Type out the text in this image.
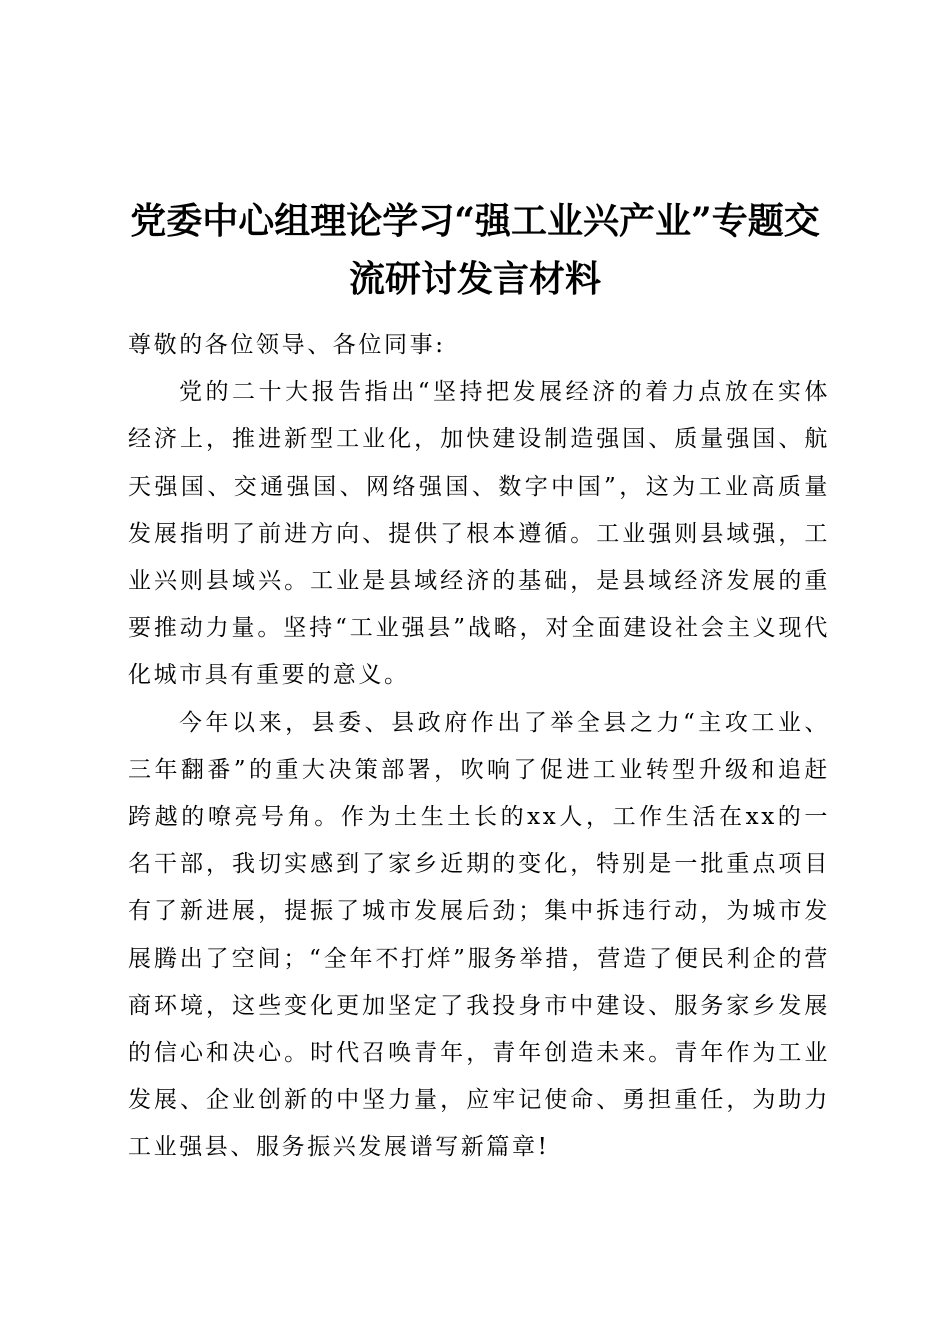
党委中心组理论学习“强工业兴产业”专题交流研讨发言材料

尊敬的各位领导、各位同事:

党的二十大报告指出“坚持把发展经济的着力点放在实体经济上，推进新型工业化，加快建设制造强国、质量强国、航天强国、交通强国、网络强国、数字中国”，这为工业高质量发展指明了前进方向、提供了根本遵循。工业强则县域强，工业兴则县域兴。工业是县域经济的基础，是县域经济发展的重要推动力量。坚持“工业强县”战略，对全面建设社会主义现代化城市具有重要的意义。

今年以来，县委、县政府作出了举全县之力“主攻工业、三年翻番”的重大决策部署，吹响了促进工业转型升级和追赶跨越的嘹亮号角。作为土生土长的xx人，工作生活在xx的一名干部，我切实感到了家乡近期的变化，特别是一批重点项目有了新进展，提振了城市发展后劲；集中拆违行动，为城市发展腾出了空间；“全年不打烊”服务举措，营造了便民利企的营商环境，这些变化更加坚定了我投身市中建设、服务家乡发展的信心和决心。时代召唤青年，青年创造未来。青年作为工业发展、企业创新的中坚力量，应牢记使命、勇担重任，为助力工业强县、服务振兴发展谱写新篇章!
